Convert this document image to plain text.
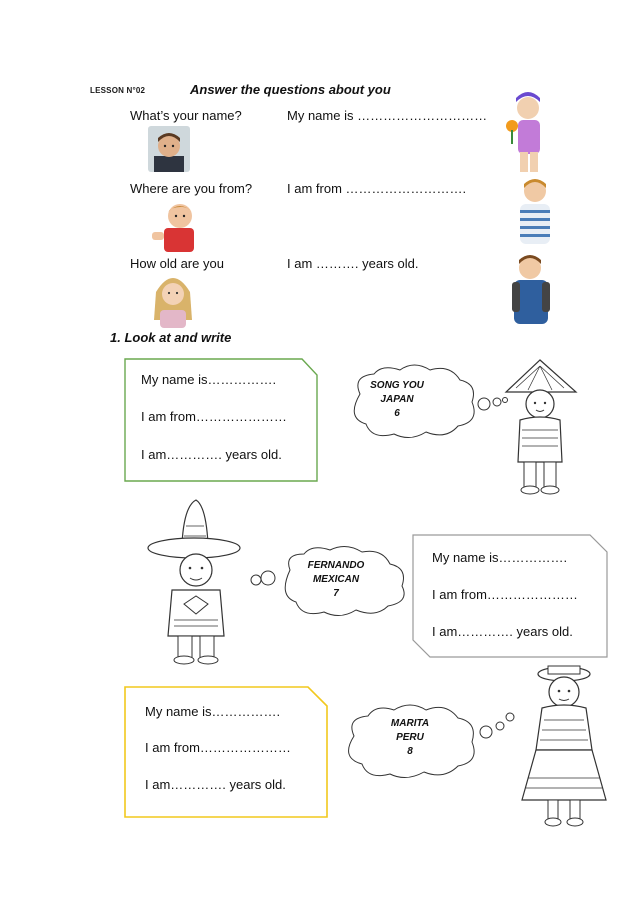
LESSON N°02	Answer the questions about you
What’s your name?	My name is …………………………
Where are you from?	I am from ……………………….
How old are you	I am ………. years old.
1. Look at and write
My name is…………….
I am from…………………
I am…………. years old.
SONG YOU
JAPAN
6
FERNANDO
MEXICAN
7
My name is…………….
I am from…………………
I am…………. years old.
My name is…………….
I am from…………………
I am…………. years old.
MARITA
PERU
8
